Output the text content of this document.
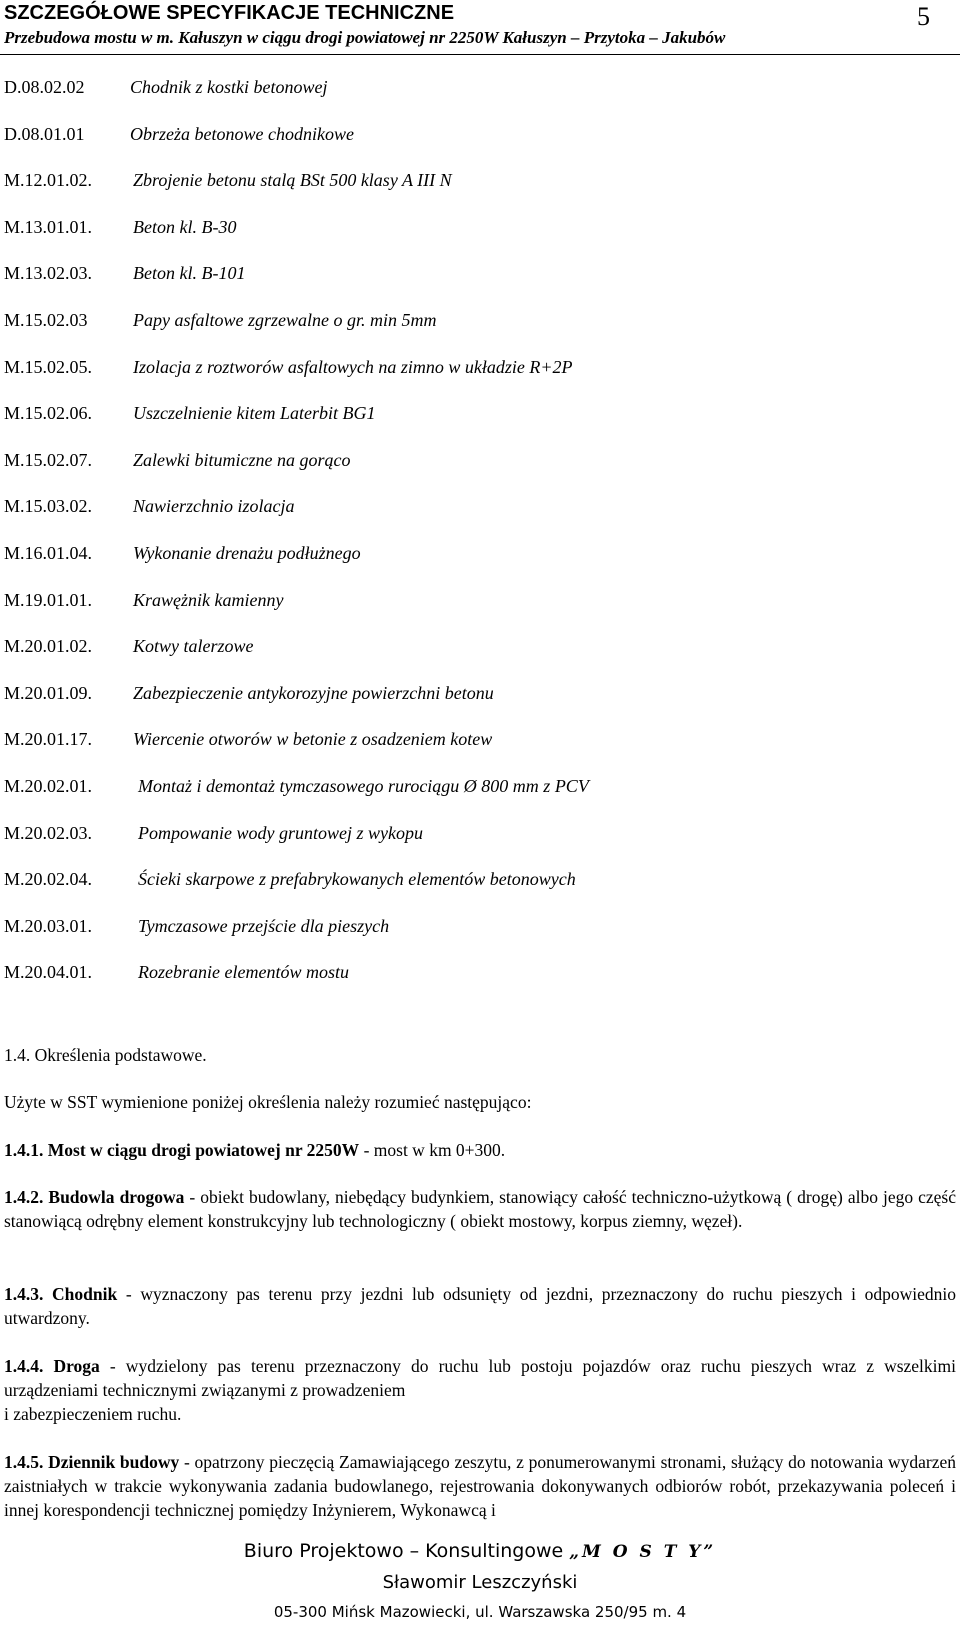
SZCZEGÓŁOWE SPECYFIKACJE TECHNICZNE	5
Przebudowa mostu w m. Kałuszyn w ciągu drogi powiatowej nr 2250W Kałuszyn – Przytoka – Jakubów
D.08.02.02	Chodnik z kostki betonowej
D.08.01.01	Obrzeża betonowe chodnikowe
M.12.01.02. Zbrojenie betonu stalą BSt 500 klasy A III N
M.13.01.01. Beton kl. B-30
M.13.02.03. Beton kl. B-101
M.15.02.03	Papy asfaltowe zgrzewalne o gr. min 5mm
M.15.02.05. Izolacja z roztworów asfaltowych na zimno w układzie R+2P
M.15.02.06. Uszczelnienie kitem Laterbit BG1
M.15.02.07. Zalewki bitumiczne na gorąco
M.15.03.02. Nawierzchnio izolacja
M.16.01.04. Wykonanie drenażu podłużnego
M.19.01.01. Krawężnik kamienny
M.20.01.02. Kotwy talerzowe
M.20.01.09. Zabezpieczenie antykorozyjne powierzchni betonu
M.20.01.17. Wiercenie otworów w betonie z osadzeniem kotew
M.20.02.01.	Montaż i demontaż tymczasowego rurociągu Ø 800 mm z PCV
M.20.02.03.	Pompowanie wody gruntowej z wykopu
M.20.02.04.	Ścieki skarpowe z prefabrykowanych elementów betonowych
M.20.03.01.	Tymczasowe przejście dla pieszych
M.20.04.01.	Rozebranie elementów mostu
1.4. Określenia podstawowe.
Użyte w SST wymienione poniżej określenia należy rozumieć następująco:
1.4.1. Most w ciągu drogi powiatowej nr 2250W - most w km 0+300.
1.4.2. Budowla drogowa - obiekt budowlany, niebędący budynkiem, stanowiący całość techniczno-użytkową ( drogę) albo jego część stanowiącą odrębny element konstrukcyjny lub technologiczny ( obiekt mostowy, korpus ziemny, węzeł).
1.4.3. Chodnik - wyznaczony pas terenu przy jezdni lub odsunięty od jezdni, przeznaczony do ruchu pieszych i odpowiednio utwardzony.
1.4.4. Droga - wydzielony pas terenu przeznaczony do ruchu lub postoju pojazdów oraz ruchu pieszych wraz z wszelkimi urządzeniami technicznymi związanymi z prowadzeniem
i zabezpieczeniem ruchu.
1.4.5. Dziennik budowy - opatrzony pieczęcią Zamawiającego zeszytu, z ponumerowanymi stronami, służący do notowania wydarzeń zaistniałych w trakcie wykonywania zadania budowlanego, rejestrowania dokonywanych odbiorów robót, przekazywania poleceń i innej korespondencji technicznej pomiędzy Inżynierem, Wykonawcą i
Biuro Projektowo – Konsultingowe „M O S T Y”
Sławomir Leszczyński
05-300 Mińsk Mazowiecki, ul. Warszawska 250/95 m. 4
